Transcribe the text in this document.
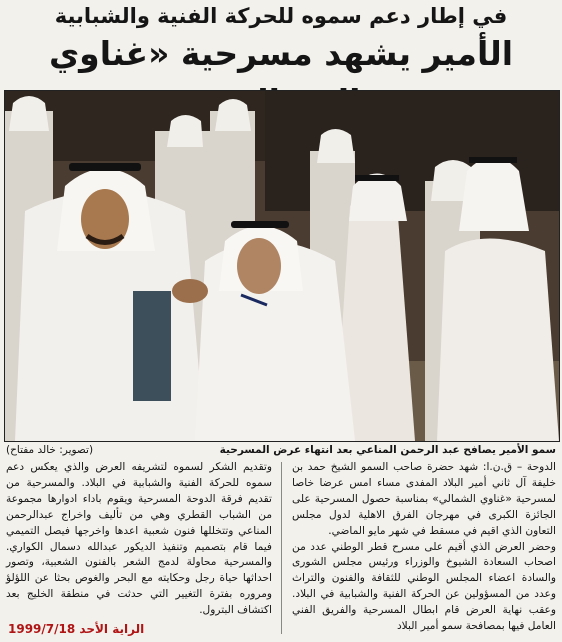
في إطار دعم سموه للحركة الفنية والشبابية
الأمير يشهد مسرحية «غناوي
سمو الأمير يصافح عبد الرحمن المناعي بعد انتهاء عرض المسرحية
(تصوير: خالد مفتاح)

الدوحة – ق.ن.ا: شهد حضرة صاحب السمو الشيخ حمد بن خليفة آل ثاني أمير البلاد المفدى مساء امس عرضا خاصا لمسرحية «غناوي الشمالي» بمناسبة حصول المسرحية على الجائزة الكبرى في مهرجان الفرق الاهلية لدول مجلس التعاون الذي اقيم في مسقط في شهر مايو الماضي.

وحضر العرض الذي أقيم على مسرح قطر الوطني عدد من اصحاب السعادة الشيوخ والوزراء ورئيس مجلس الشورى والسادة اعضاء المجلس الوطني للثقافة والفنون والتراث وعدد من المسؤولين عن الحركة الفنية والشبابية في البلاد. وعقب نهاية العرض قام ابطال المسرحية والفريق الفني العامل فيها بمصافحة سمو أمير البلاد

وتقديم الشكر لسموه لتشريفه العرض والذي يعكس دعم سموه للحركة الفنية والشبابية في البلاد. والمسرحية من تقديم فرقة الدوحة المسرحية ويقوم باداء ادوارها مجموعة من الشباب القطري وهي من تأليف واخراج عبدالرحمن المناعي وتتخللها فنون شعبية اعدها واخرجها فيصل التميمي فيما قام بتصميم وتنفيذ الديكور عبدالله دسمال الكواري. والمسرحية محاولة لدمج الشعر بالفنون الشعبية، وتصور احداثها حياة رجل وحكايته مع البحر والغوص بحثا عن اللؤلؤ ومروره بفترة التغيير التي حدثت في منطقة الخليج بعد اكتشاف البترول.

الراية الأحد 1999/7/18
